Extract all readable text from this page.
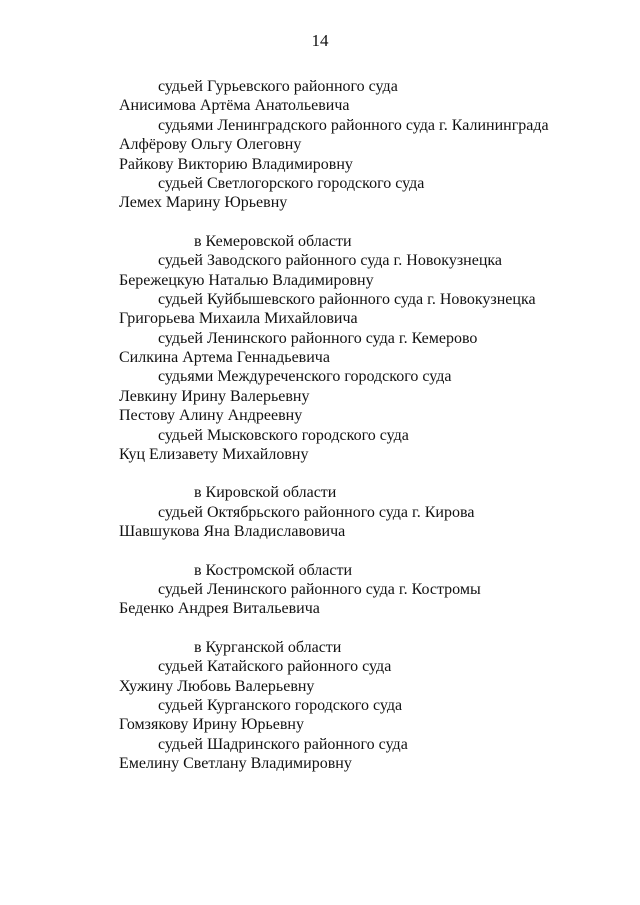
14
судьей Гурьевского районного суда
Анисимова Артёма Анатольевича
судьями Ленинградского районного суда г. Калининграда
Алфёрову Ольгу Олеговну
Райкову Викторию Владимировну
судьей Светлогорского городского суда
Лемех Марину Юрьевну
в Кемеровской области
судьей Заводского районного суда г. Новокузнецка
Бережецкую Наталью Владимировну
судьей Куйбышевского районного суда г. Новокузнецка
Григорьева Михаила Михайловича
судьей Ленинского районного суда г. Кемерово
Силкина Артема Геннадьевича
судьями Междуреченского городского суда
Левкину Ирину Валерьевну
Пестову Алину Андреевну
судьей Мысковского городского суда
Куц Елизавету Михайловну
в Кировской области
судьей Октябрьского районного суда г. Кирова
Шавшукова Яна Владиславовича
в Костромской области
судьей Ленинского районного суда г. Костромы
Беденко Андрея Витальевича
в Курганской области
судьей Катайского районного суда
Хужину Любовь Валерьевну
судьей Курганского городского суда
Гомзякову Ирину Юрьевну
судьей Шадринского районного суда
Емелину Светлану Владимировну
